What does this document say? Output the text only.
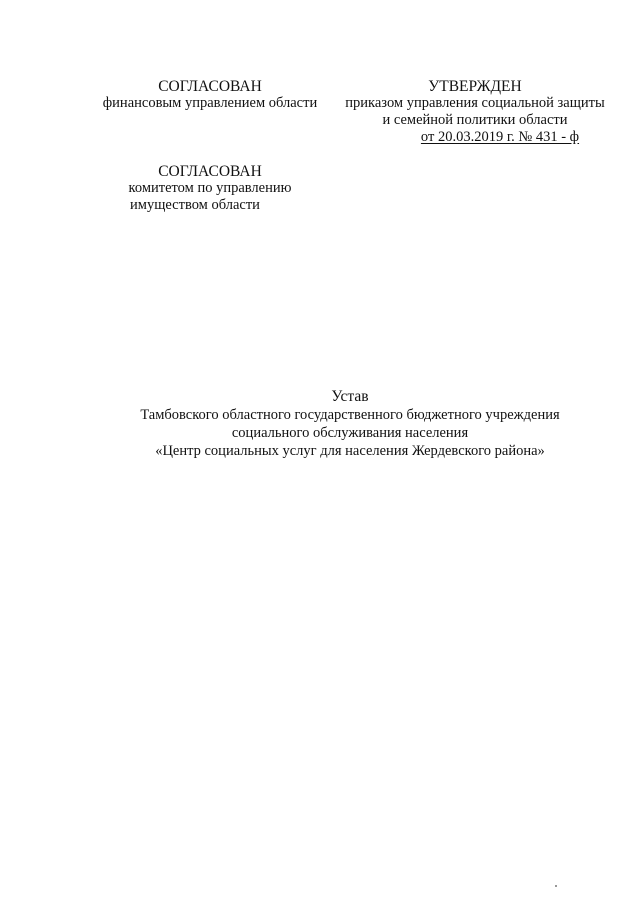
СОГЛАСОВАН
финансовым управлением области
УТВЕРЖДЕН
приказом управления социальной защиты
и семейной политики области
от 20.03.2019 г. № 431 - ф
СОГЛАСОВАН
комитетом по управлению
имуществом области
Устав
Тамбовского областного государственного бюджетного учреждения
социального обслуживания населения
«Центр социальных услуг для населения Жердевского района»
